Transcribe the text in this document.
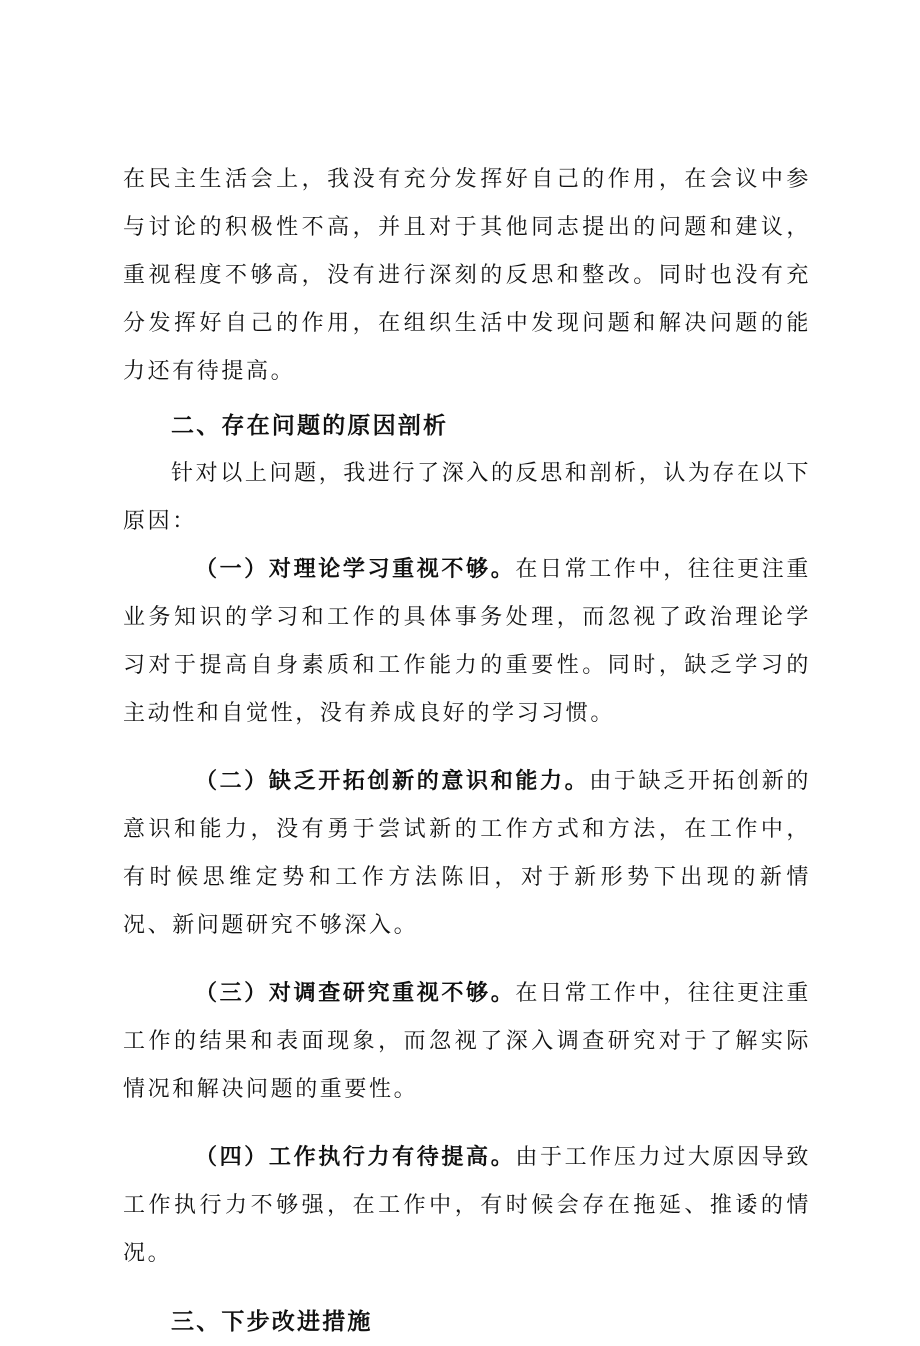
在民主生活会上，我没有充分发挥好自己的作用，在会议中参与讨论的积极性不高，并且对于其他同志提出的问题和建议，重视程度不够高，没有进行深刻的反思和整改。同时也没有充分发挥好自己的作用，在组织生活中发现问题和解决问题的能力还有待提高。

二、存在问题的原因剖析

针对以上问题，我进行了深入的反思和剖析，认为存在以下原因：

（一）对理论学习重视不够。在日常工作中，往往更注重业务知识的学习和工作的具体事务处理，而忽视了政治理论学习对于提高自身素质和工作能力的重要性。同时，缺乏学习的主动性和自觉性，没有养成良好的学习习惯。

（二）缺乏开拓创新的意识和能力。由于缺乏开拓创新的意识和能力，没有勇于尝试新的工作方式和方法，在工作中，有时候思维定势和工作方法陈旧，对于新形势下出现的新情况、新问题研究不够深入。

（三）对调查研究重视不够。在日常工作中，往往更注重工作的结果和表面现象，而忽视了深入调查研究对于了解实际情况和解决问题的重要性。

（四）工作执行力有待提高。由于工作压力过大原因导致工作执行力不够强，在工作中，有时候会存在拖延、推诿的情况。

三、下步改进措施
